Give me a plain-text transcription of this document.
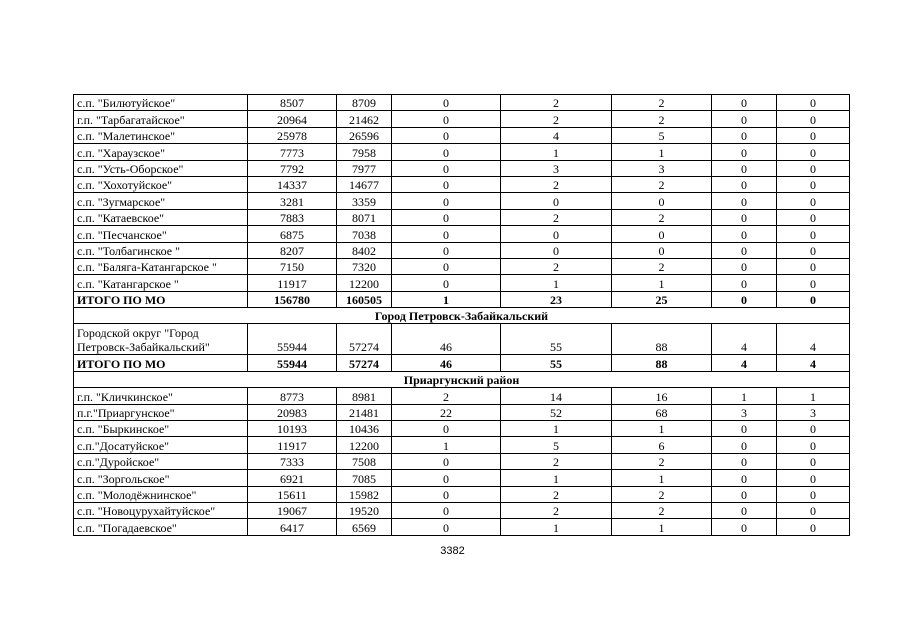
с.п. "Билютуйское"	8507	8709	0	2	2	0	0
г.п. "Тарбагатайское"	20964	21462	0	2	2	0	0
с.п. "Малетинское"	25978	26596	0	4	5	0	0
с.п. "Хараузское"	7773	7958	0	1	1	0	0
с.п. "Усть-Оборское"	7792	7977	0	3	3	0	0
с.п. "Хохотуйское"	14337	14677	0	2	2	0	0
с.п. "Зугмарское"	3281	3359	0	0	0	0	0
с.п. "Катаевское"	7883	8071	0	2	2	0	0
с.п. "Песчанское"	6875	7038	0	0	0	0	0
с.п. "Толбагинское "	8207	8402	0	0	0	0	0
с.п. "Баляга-Катангарское "	7150	7320	0	2	2	0	0
с.п. "Катангарское "	11917	12200	0	1	1	0	0
ИТОГО ПО МО	156780	160505	1	23	25	0	0
Город Петровск-Забайкальский							
Городской округ "Город Петровск-Забайкальский"	55944	57274	46	55	88	4	4
ИТОГО ПО МО	55944	57274	46	55	88	4	4
Приаргунский район							
г.п. "Кличкинское"	8773	8981	2	14	16	1	1
п.г."Приаргунское"	20983	21481	22	52	68	3	3
с.п. "Быркинское"	10193	10436	0	1	1	0	0
с.п."Досатуйское"	11917	12200	1	5	6	0	0
с.п."Дуройское"	7333	7508	0	2	2	0	0
с.п. "Зоргольское"	6921	7085	0	1	1	0	0
с.п. "Молодёжнинское"	15611	15982	0	2	2	0	0
с.п. "Новоцурухайтуйское"	19067	19520	0	2	2	0	0
с.п. "Погадаевское"	6417	6569	0	1	1	0	0
3382
